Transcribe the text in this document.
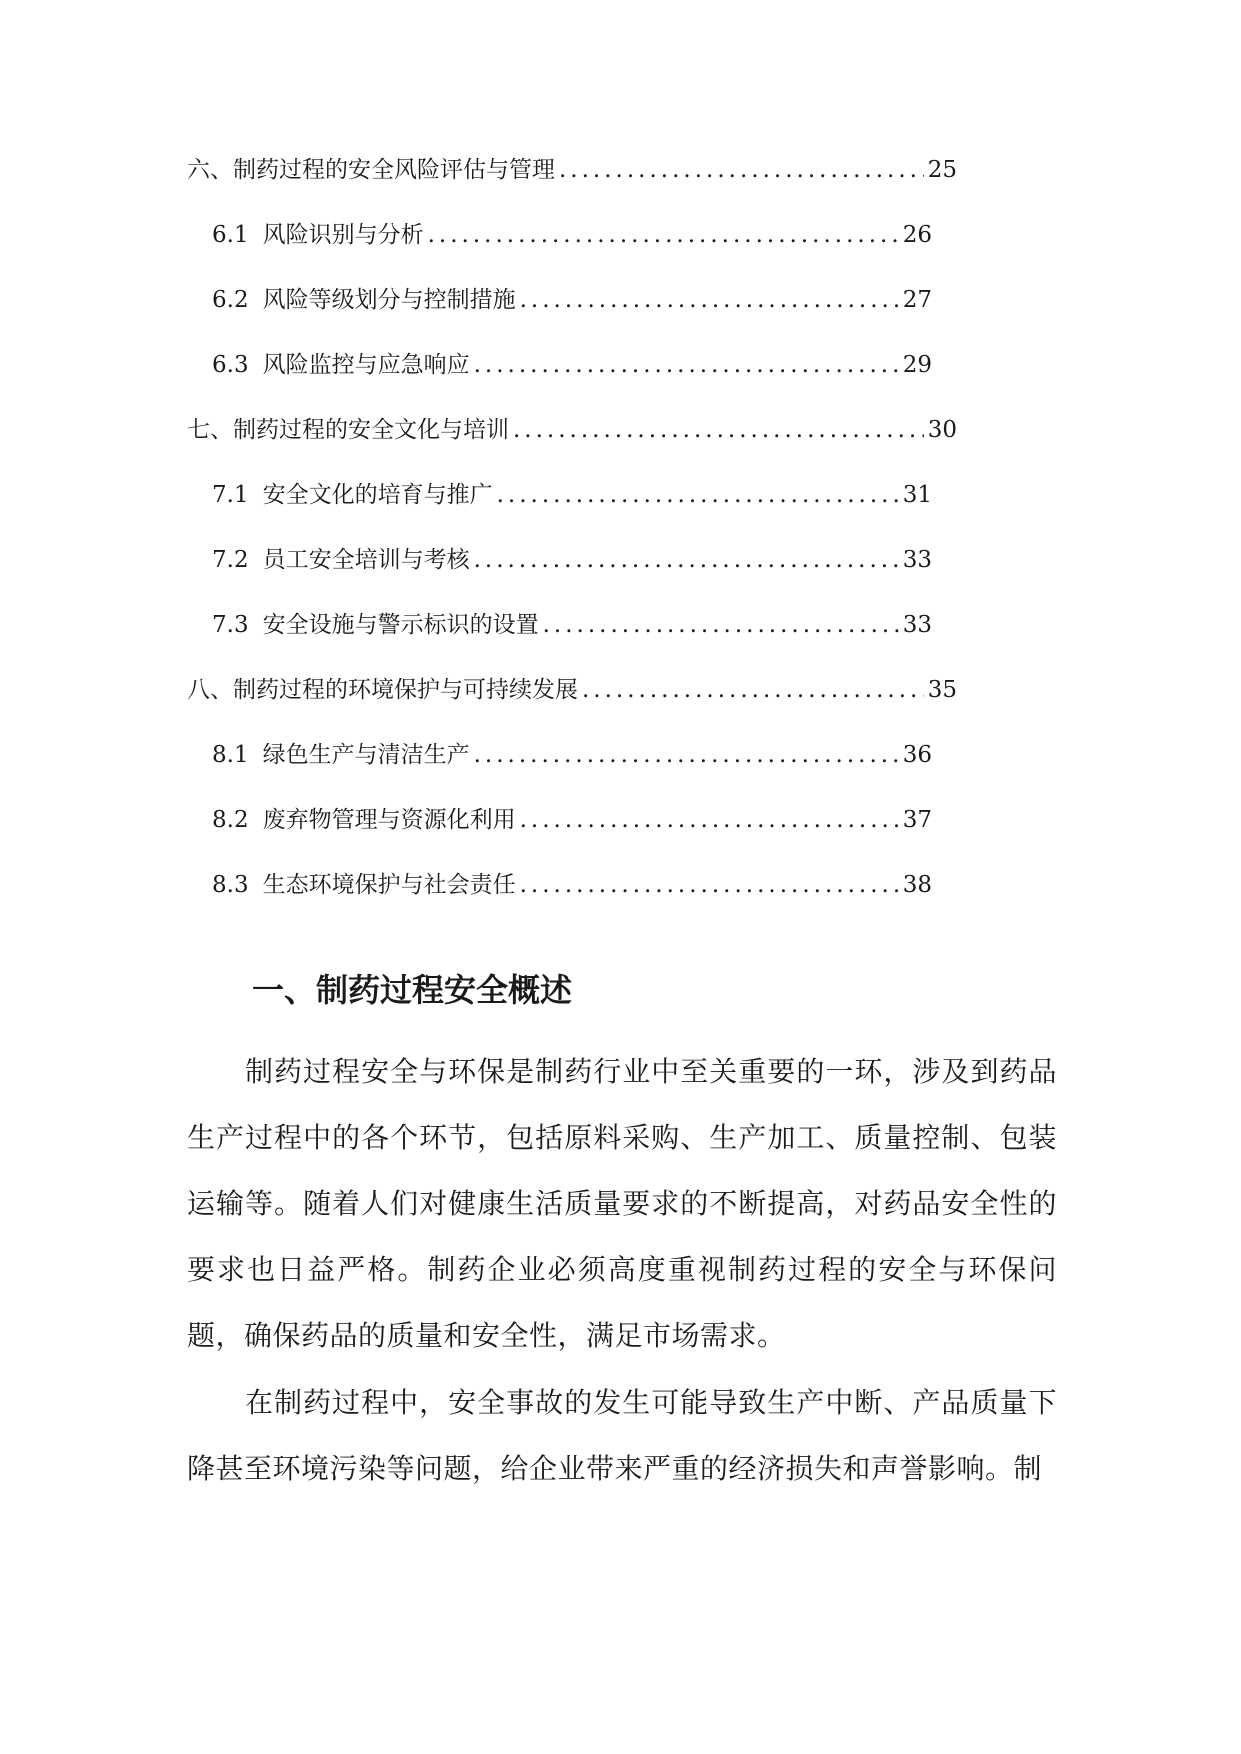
六、制药过程的安全风险评估与管理 .....	25
6.1 风险识别与分析 .....	26
6.2 风险等级划分与控制措施 .....	27
6.3 风险监控与应急响应 .....	29
七、制药过程的安全文化与培训 .....	30
7.1 安全文化的培育与推广 .....	31
7.2 员工安全培训与考核 .....	33
7.3 安全设施与警示标识的设置 .....	33
八、制药过程的环境保护与可持续发展 .....	35
8.1 绿色生产与清洁生产 .....	36
8.2 废弃物管理与资源化利用 .....	37
8.3 生态环境保护与社会责任 .....	38
一、制药过程安全概述

制药过程安全与环保是制药行业中至关重要的一环，涉及到药品生产过程中的各个环节，包括原料采购、生产加工、质量控制、包装运输等。随着人们对健康生活质量要求的不断提高，对药品安全性的要求也日益严格。制药企业必须高度重视制药过程的安全与环保问题，确保药品的质量和安全性，满足市场需求。

在制药过程中，安全事故的发生可能导致生产中断、产品质量下降甚至环境污染等问题，给企业带来严重的经济损失和声誉影响。制
